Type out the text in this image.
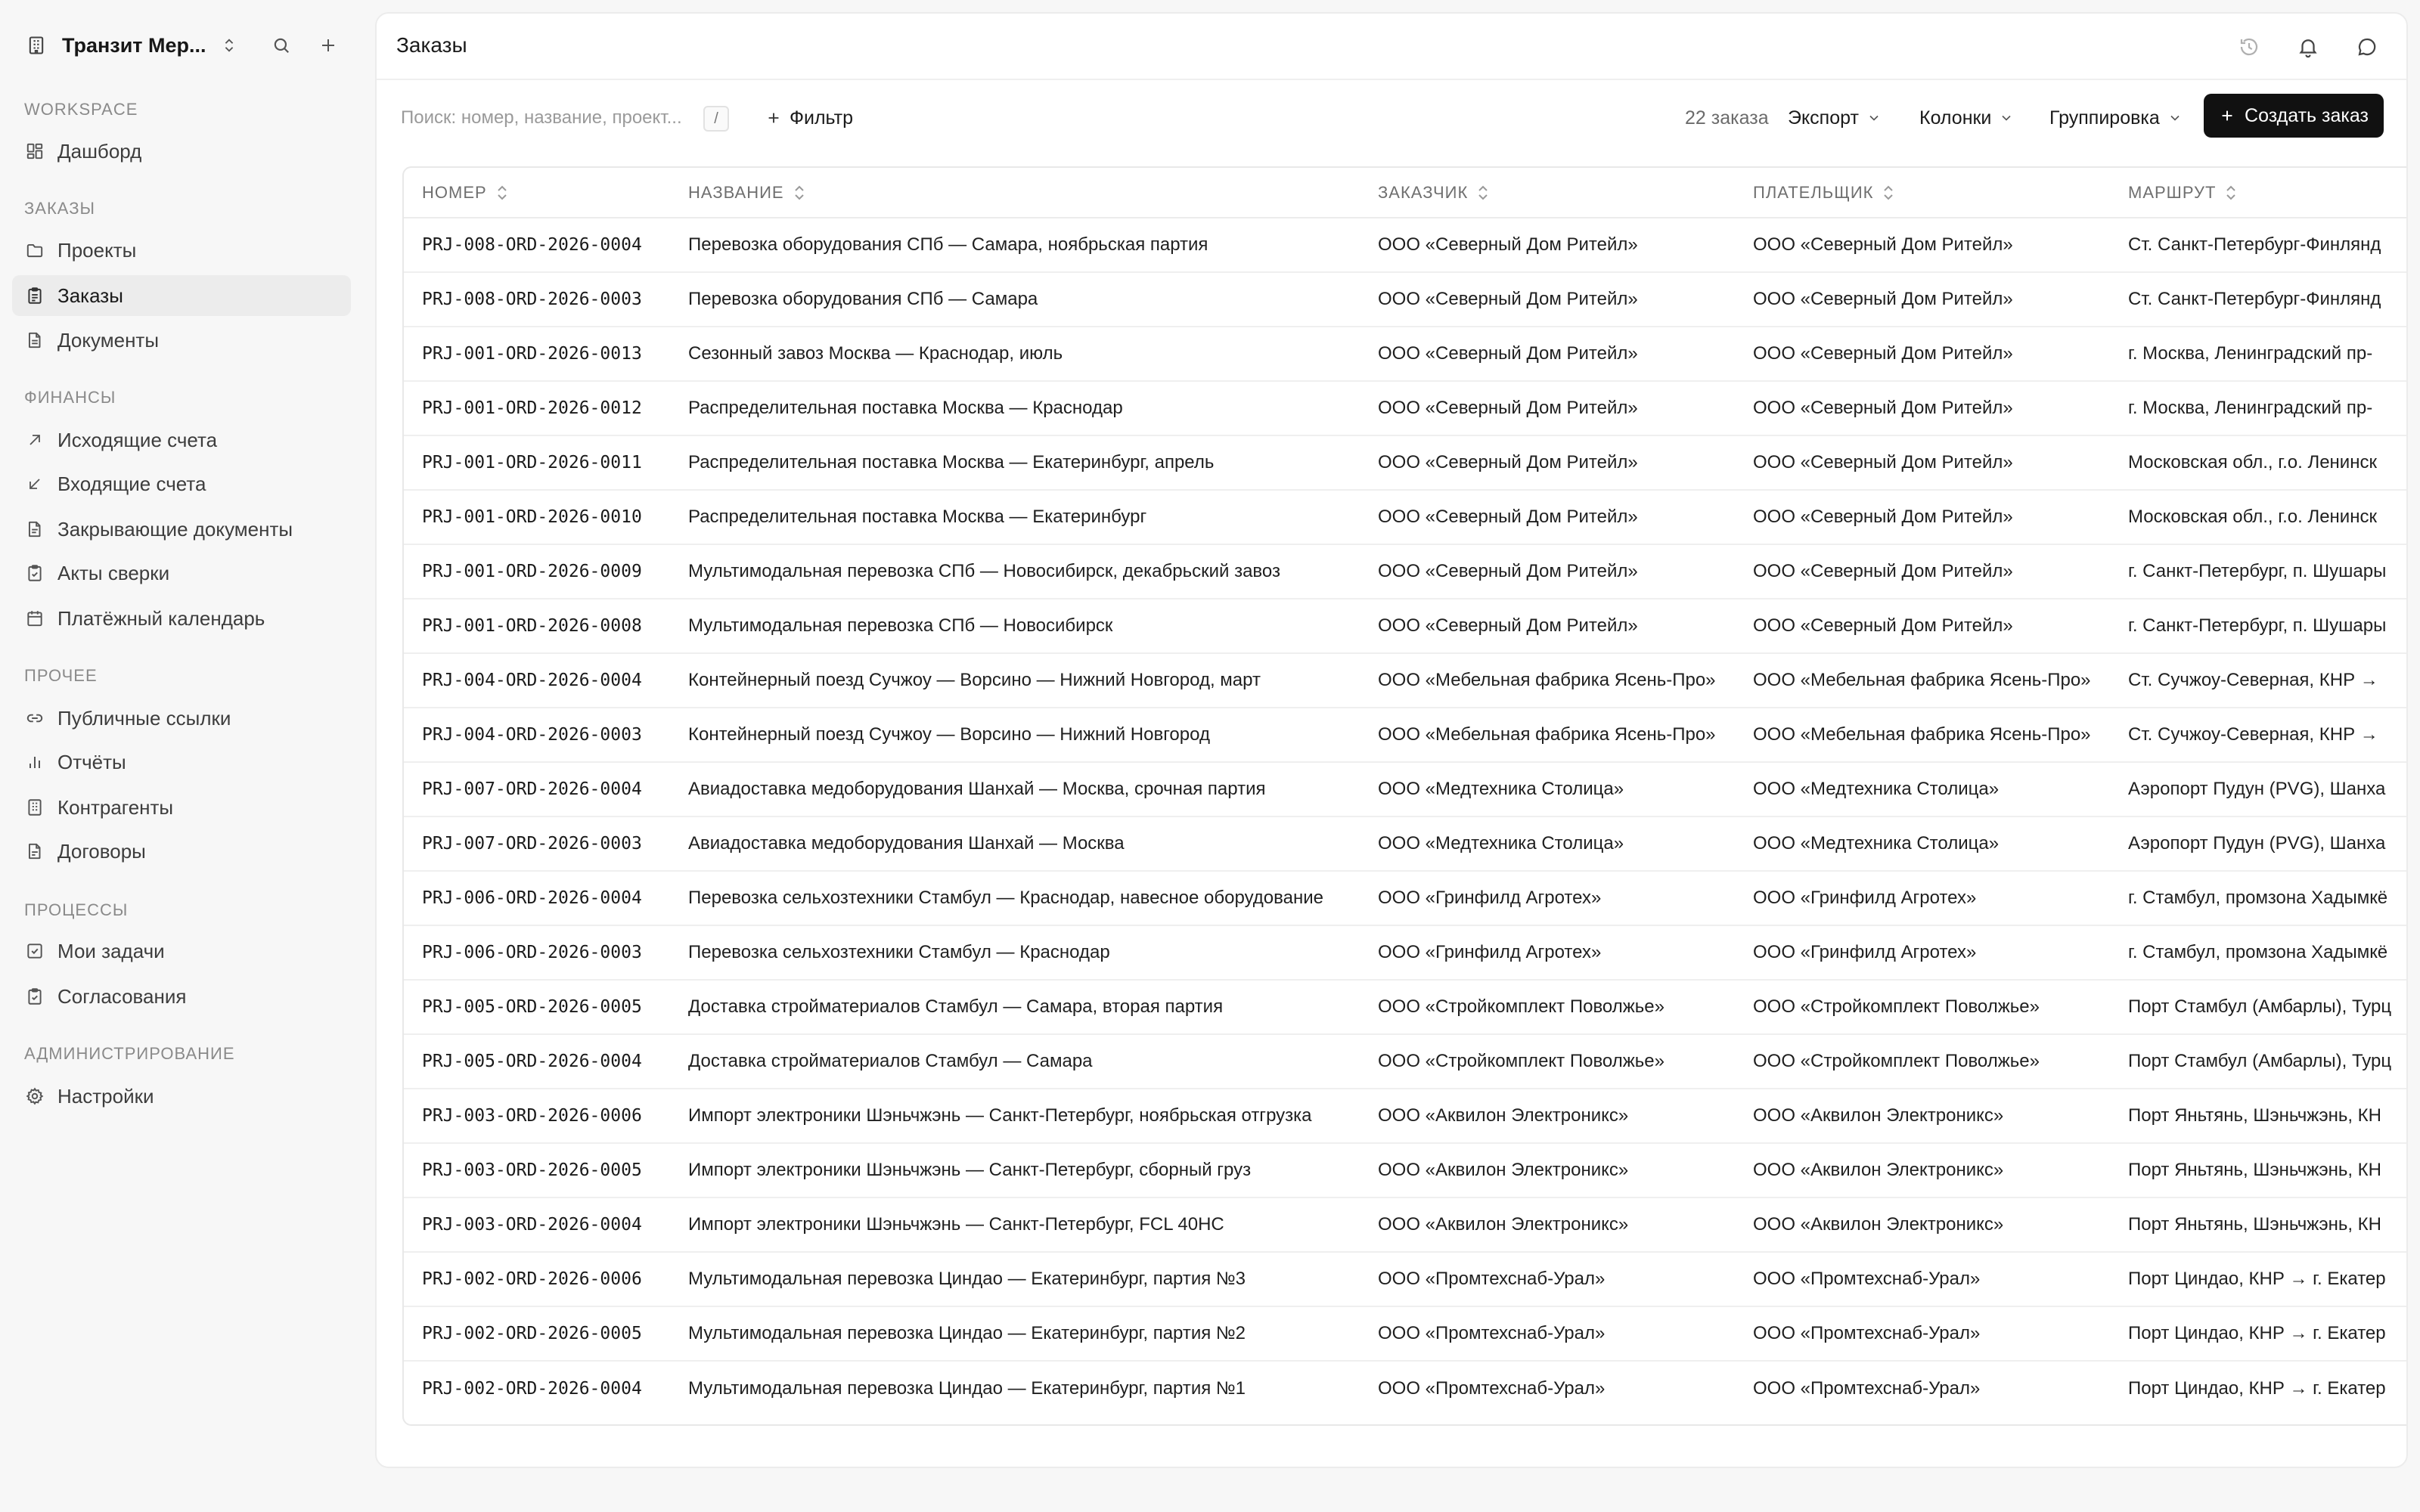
Транзит Мер...
WORKSPACE
Дашборд
ЗАКАЗЫ
Проекты
Заказы
Документы
ФИНАНСЫ
Исходящие счета
Входящие счета
Закрывающие документы
Акты сверки
Платёжный календарь
ПРОЧЕЕ
Публичные ссылки
Отчёты
Контрагенты
Договоры
ПРОЦЕССЫ
Мои задачи
Согласования
АДМИНИСТРИРОВАНИЕ
Настройки
Заказы
Поиск: номер, название, проект...
/	Фильтр	22 заказа Экспорт	Колонки	Группировка	Создать заказ
НОМЕР	НАЗВАНИЕ	ЗАКАЗЧИК	ПЛАТЕЛЬЩИК	МАРШРУТ

PRJ-008-ORD-2026-0004	Перевозка оборудования СПб — Самара, ноябрьская партия	ООО «Северный Дом Ритейл»	ООО «Северный Дом Ритейл»	Ст. Санкт-Петербург-Финлянд
PRJ-008-ORD-2026-0003	Перевозка оборудования СПб — Самара	ООО «Северный Дом Ритейл»	ООО «Северный Дом Ритейл»	Ст. Санкт-Петербург-Финлянд
PRJ-001-ORD-2026-0013	Сезонный завоз Москва — Краснодар, июль	ООО «Северный Дом Ритейл»	ООО «Северный Дом Ритейл»	г. Москва, Ленинградский пр-
PRJ-001-ORD-2026-0012	Распределительная поставка Москва — Краснодар	ООО «Северный Дом Ритейл»	ООО «Северный Дом Ритейл»	г. Москва, Ленинградский пр-
PRJ-001-ORD-2026-0011	Распределительная поставка Москва — Екатеринбург, апрель	ООО «Северный Дом Ритейл»	ООО «Северный Дом Ритейл»	Московская обл., г.о. Ленинск
PRJ-001-ORD-2026-0010	Распределительная поставка Москва — Екатеринбург	ООО «Северный Дом Ритейл»	ООО «Северный Дом Ритейл»	Московская обл., г.о. Ленинск
PRJ-001-ORD-2026-0009	Мультимодальная перевозка СПб — Новосибирск, декабрьский завоз	ООО «Северный Дом Ритейл»	ООО «Северный Дом Ритейл»	г. Санкт-Петербург, п. Шушары
PRJ-001-ORD-2026-0008	Мультимодальная перевозка СПб — Новосибирск	ООО «Северный Дом Ритейл»	ООО «Северный Дом Ритейл»	г. Санкт-Петербург, п. Шушары
PRJ-004-ORD-2026-0004	Контейнерный поезд Сучжоу — Ворсино — Нижний Новгород, март	ООО «Мебельная фабрика Ясень-Про»	ООО «Мебельная фабрика Ясень-Про»	Ст. Сучжоу-Северная, КНР →
PRJ-004-ORD-2026-0003	Контейнерный поезд Сучжоу — Ворсино — Нижний Новгород	ООО «Мебельная фабрика Ясень-Про»	ООО «Мебельная фабрика Ясень-Про»	Ст. Сучжоу-Северная, КНР →
PRJ-007-ORD-2026-0004	Авиадоставка медоборудования Шанхай — Москва, срочная партия	ООО «Медтехника Столица»	ООО «Медтехника Столица»	Аэропорт Пудун (PVG), Шанха
PRJ-007-ORD-2026-0003	Авиадоставка медоборудования Шанхай — Москва	ООО «Медтехника Столица»	ООО «Медтехника Столица»	Аэропорт Пудун (PVG), Шанха
PRJ-006-ORD-2026-0004	Перевозка сельхозтехники Стамбул — Краснодар, навесное оборудование	ООО «Гринфилд Агротех»	ООО «Гринфилд Агротех»	г. Стамбул, промзона Хадымкё
PRJ-006-ORD-2026-0003	Перевозка сельхозтехники Стамбул — Краснодар	ООО «Гринфилд Агротех»	ООО «Гринфилд Агротех»	г. Стамбул, промзона Хадымкё
PRJ-005-ORD-2026-0005	Доставка стройматериалов Стамбул — Самара, вторая партия	ООО «Стройкомплект Поволжье»	ООО «Стройкомплект Поволжье»	Порт Стамбул (Амбарлы), Турц
PRJ-005-ORD-2026-0004	Доставка стройматериалов Стамбул — Самара	ООО «Стройкомплект Поволжье»	ООО «Стройкомплект Поволжье»	Порт Стамбул (Амбарлы), Турц
PRJ-003-ORD-2026-0006	Импорт электроники Шэньчжэнь — Санкт-Петербург, ноябрьская отгрузка	ООО «Аквилон Электроникс»	ООО «Аквилон Электроникс»	Порт Яньтянь, Шэньчжэнь, КН
PRJ-003-ORD-2026-0005	Импорт электроники Шэньчжэнь — Санкт-Петербург, сборный груз	ООО «Аквилон Электроникс»	ООО «Аквилон Электроникс»	Порт Яньтянь, Шэньчжэнь, КН
PRJ-003-ORD-2026-0004	Импорт электроники Шэньчжэнь — Санкт-Петербург, FCL 40HC	ООО «Аквилон Электроникс»	ООО «Аквилон Электроникс»	Порт Яньтянь, Шэньчжэнь, КН
PRJ-002-ORD-2026-0006	Мультимодальная перевозка Циндао — Екатеринбург, партия №3	ООО «Промтехснаб-Урал»	ООО «Промтехснаб-Урал»	Порт Циндао, КНР → г. Екатер
PRJ-002-ORD-2026-0005	Мультимодальная перевозка Циндао — Екатеринбург, партия №2	ООО «Промтехснаб-Урал»	ООО «Промтехснаб-Урал»	Порт Циндао, КНР → г. Екатер
PRJ-002-ORD-2026-0004	Мультимодальная перевозка Циндао — Екатеринбург, партия №1	ООО «Промтехснаб-Урал»	ООО «Промтехснаб-Урал»	Порт Циндао, КНР → г. Екатер
